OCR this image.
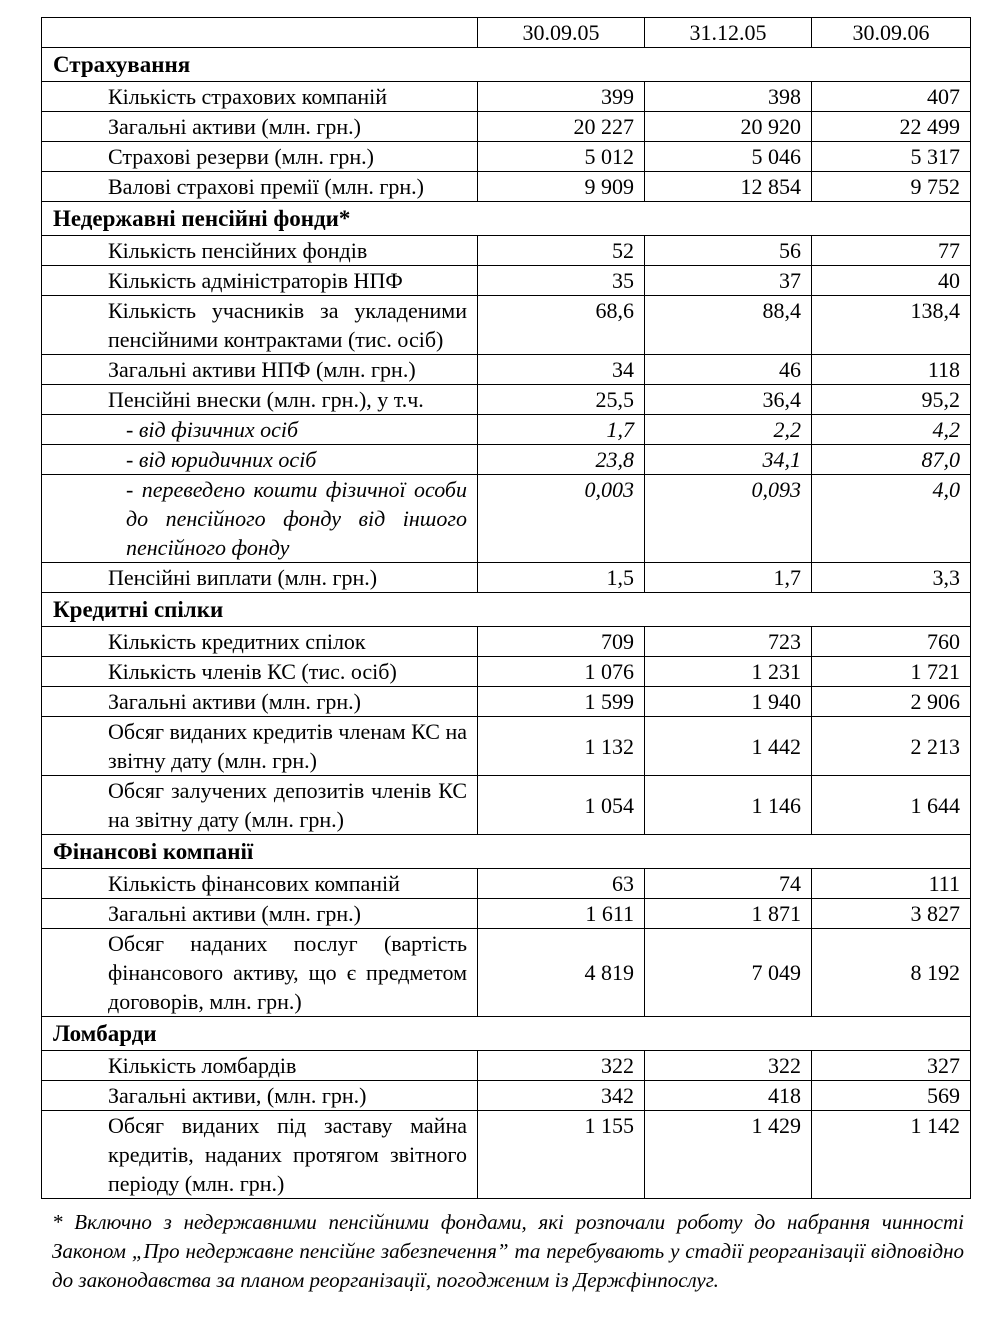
	30.09.05	31.12.05	30.09.06
Страхування			
Кількість страхових компаній	399	398	407
Загальні активи (млн. грн.)	20 227	20 920	22 499
Страхові резерви (млн. грн.)	5 012	5 046	5 317
Валові страхові премії (млн. грн.)	9 909	12 854	9 752
Недержавні пенсійні фонди*			
Кількість пенсійних фондів	52	56	77
Кількість адміністраторів НПФ	35	37	40
Кількість учасників за укладеними пенсійними контрактами (тис. осіб)	68,6	88,4	138,4
Загальні активи НПФ (млн. грн.)	34	46	118
Пенсійні внески (млн. грн.), у т.ч.	25,5	36,4	95,2
- від фізичних осіб	1,7	2,2	4,2
- від юридичних осіб	23,8	34,1	87,0
- переведено кошти фізичної особи до пенсійного фонду від іншого пенсійного фонду	0,003	0,093	4,0
Пенсійні виплати (млн. грн.)	1,5	1,7	3,3
Кредитні спілки			
Кількість кредитних спілок	709	723	760
Кількість членів КС (тис. осіб)	1 076	1 231	1 721
Загальні активи (млн. грн.)	1 599	1 940	2 906
Обсяг виданих кредитів членам КС на звітну дату (млн. грн.)	1 132	1 442	2 213
Обсяг залучених депозитів членів КС на звітну дату (млн. грн.)	1 054	1 146	1 644
Фінансові компанії			
Кількість фінансових компаній	63	74	111
Загальні активи (млн. грн.)	1 611	1 871	3 827
Обсяг наданих послуг (вартість фінансового активу, що є предметом договорів, млн. грн.)	4 819	7 049	8 192
Ломбарди			
Кількість ломбардів	322	322	327
Загальні активи, (млн. грн.)	342	418	569
Обсяг виданих під заставу майна кредитів, наданих протягом звітного періоду (млн. грн.)	1 155	1 429	1 142
* Включно з недержавними пенсійними фондами, які розпочали роботу до набрання чинності Законом „Про недержавне пенсійне забезпечення” та перебувають у стадії реорганізації відповідно до законодавства за планом реорганізації, погодженим із Держфінпослуг.
